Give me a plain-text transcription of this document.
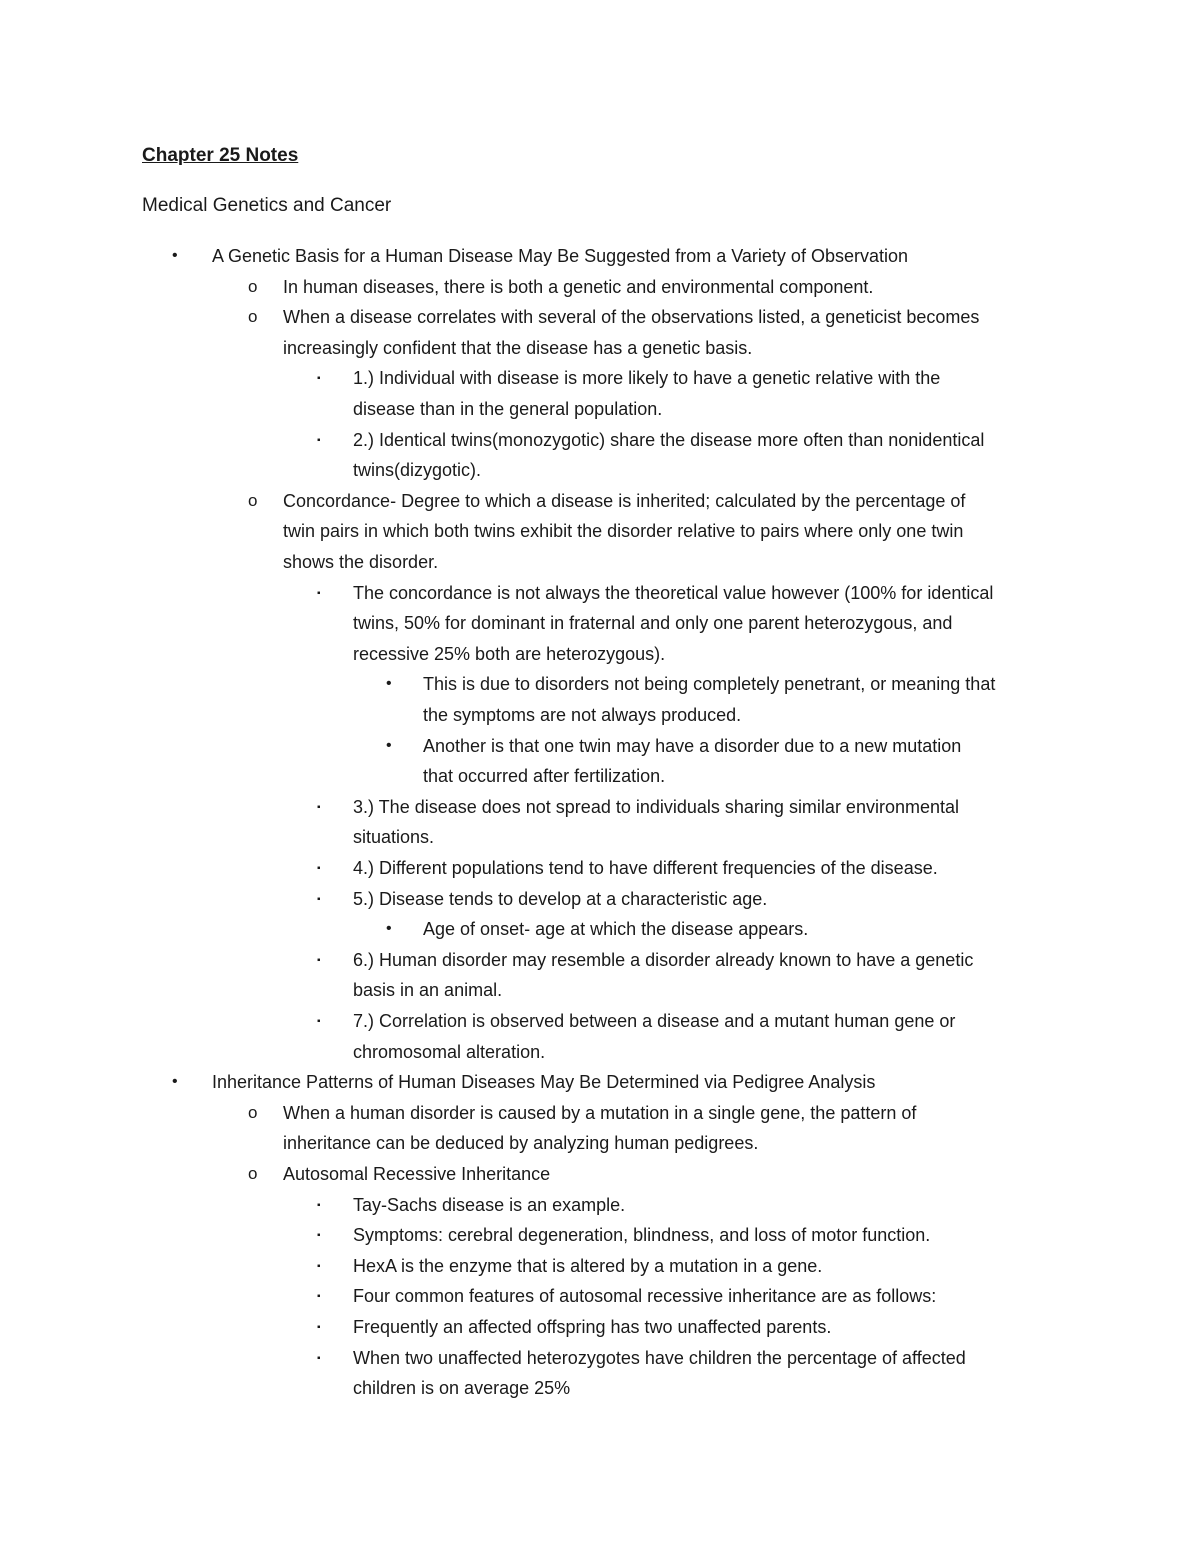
Chapter 25 Notes

Medical Genetics and Cancer

• A Genetic Basis for a Human Disease May Be Suggested from a Variety of Observation
o In human diseases, there is both a genetic and environmental component.
o When a disease correlates with several of the observations listed, a geneticist becomes
increasingly confident that the disease has a genetic basis.
▪ 1.) Individual with disease is more likely to have a genetic relative with the
disease than in the general population.
▪ 2.) Identical twins(monozygotic) share the disease more often than nonidentical
twins(dizygotic).
o Concordance- Degree to which a disease is inherited; calculated by the percentage of
twin pairs in which both twins exhibit the disorder relative to pairs where only one twin
shows the disorder.
▪ The concordance is not always the theoretical value however (100% for identical
twins, 50% for dominant in fraternal and only one parent heterozygous, and
recessive 25% both are heterozygous).
• This is due to disorders not being completely penetrant, or meaning that
the symptoms are not always produced.
• Another is that one twin may have a disorder due to a new mutation
that occurred after fertilization.
▪ 3.) The disease does not spread to individuals sharing similar environmental
situations.
▪ 4.) Different populations tend to have different frequencies of the disease.
▪ 5.) Disease tends to develop at a characteristic age.
• Age of onset- age at which the disease appears.
▪ 6.) Human disorder may resemble a disorder already known to have a genetic
basis in an animal.
▪ 7.) Correlation is observed between a disease and a mutant human gene or
chromosomal alteration.
• Inheritance Patterns of Human Diseases May Be Determined via Pedigree Analysis
o When a human disorder is caused by a mutation in a single gene, the pattern of
inheritance can be deduced by analyzing human pedigrees.
o Autosomal Recessive Inheritance
▪ Tay-Sachs disease is an example.
▪ Symptoms: cerebral degeneration, blindness, and loss of motor function.
▪ HexA is the enzyme that is altered by a mutation in a gene.
▪ Four common features of autosomal recessive inheritance are as follows:
▪ Frequently an affected offspring has two unaffected parents.
▪ When two unaffected heterozygotes have children the percentage of affected
children is on average 25%
